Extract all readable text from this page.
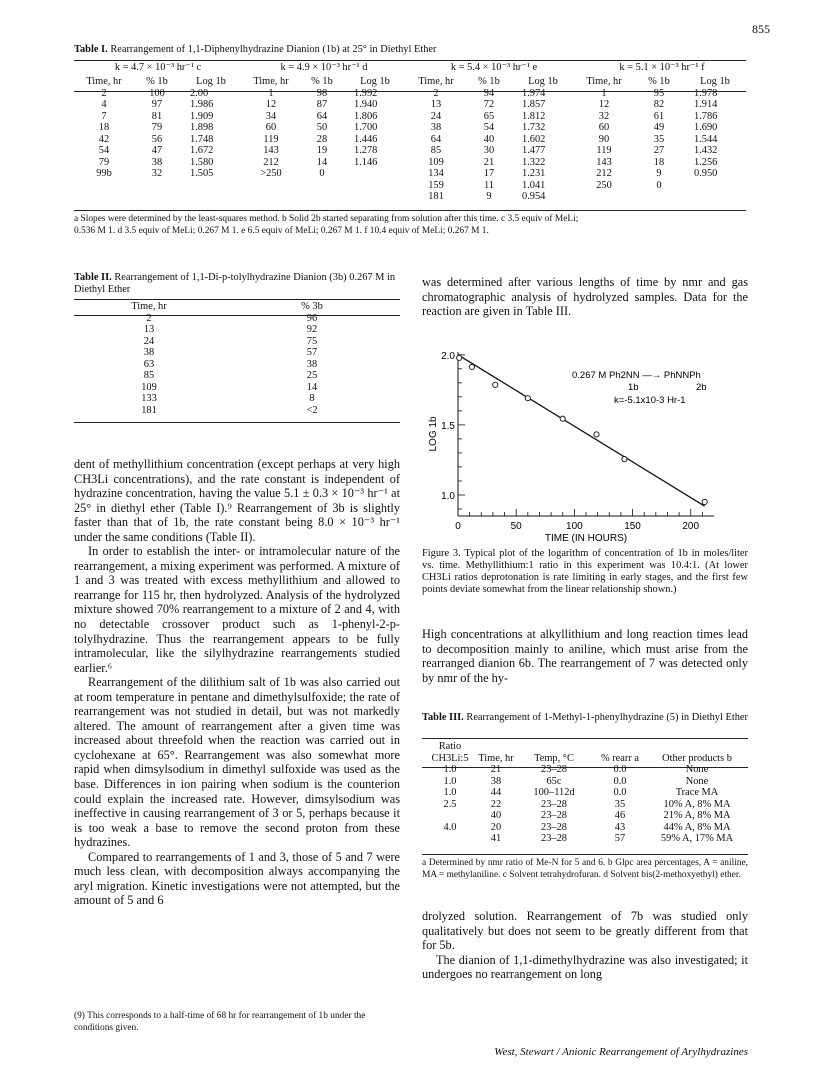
855
Table I. Rearrangement of 1,1-Diphenylhydrazine Dianion (1b) at 25° in Diethyl Ether
k = 4.7 × 10⁻³ hr⁻¹ c	k = 4.9 × 10⁻³ hr⁻¹ d	k = 5.4 × 10⁻³ hr⁻¹ e	k = 5.1 × 10⁻³ hr⁻¹ f
Time, hr	% 1b	Log 1b	Time, hr	% 1b	Log 1b	Time, hr	% 1b	Log 1b	Time, hr	% 1b	Log 1b
2	100	2.00	1	98	1.992	2	94	1.974	1	95	1.978
4	97	1.986	12	87	1.940	13	72	1.857	12	82	1.914
7	81	1.909	34	64	1.806	24	65	1.812	32	61	1.786
18	79	1.898	60	50	1.700	38	54	1.732	60	49	1.690
42	56	1.748	119	28	1.446	64	40	1.602	90	35	1.544
54	47	1.672	143	19	1.278	85	30	1.477	119	27	1.432
79	38	1.580	212	14	1.146	109	21	1.322	143	18	1.256
99b	32	1.505	>250	0		134	17	1.231	212	9	0.950
						159	11	1.041	250	0	
						181	9	0.954			
a Slopes were determined by the least-squares method. b Solid 2b started separating from solution after this time. c 3.5 equiv of MeLi;
0.536 M 1. d 3.5 equiv of MeLi; 0.267 M 1. e 6.5 equiv of MeLi; 0.267 M 1. f 10.4 equiv of MeLi; 0.267 M 1.
Table II. Rearrangement of 1,1-Di-p-tolylhydrazine Dianion (3b) 0.267 M in Diethyl Ether
Time, hr	% 3b
2	96
13	92
24	75
38	57
63	38
85	25
109	14
133	8
181	<2

dent of methyllithium concentration (except perhaps at very high CH3Li concentrations), and the rate constant is independent of hydrazine concentration, having the value 5.1 ± 0.3 × 10⁻³ hr⁻¹ at 25° in diethyl ether (Table I).⁹ Rearrangement of 3b is slightly faster than that of 1b, the rate constant being 8.0 × 10⁻³ hr⁻¹ under the same conditions (Table II).

In order to establish the inter- or intramolecular nature of the rearrangement, a mixing experiment was performed. A mixture of 1 and 3 was treated with excess methyllithium and allowed to rearrange for 115 hr, then hydrolyzed. Analysis of the hydrolyzed mixture showed 70% rearrangement to a mixture of 2 and 4, with no detectable crossover product such as 1-phenyl-2-p-tolylhydrazine. Thus the rearrangement appears to be fully intramolecular, like the silylhydrazine rearrangements studied earlier.⁶

Rearrangement of the dilithium salt of 1b was also carried out at room temperature in pentane and dimethylsulfoxide; the rate of rearrangement was not studied in detail, but was not markedly altered. The amount of rearrangement after a given time was increased about threefold when the reaction was carried out in cyclohexane at 65°. Rearrangement was also somewhat more rapid when dimsylsodium in dimethyl sulfoxide was used as the base. Differences in ion pairing when sodium is the counterion could explain the increased rate. However, dimsylsodium was ineffective in causing rearrangement of 3 or 5, perhaps because it is too weak a base to remove the second proton from these hydrazines.

Compared to rearrangements of 1 and 3, those of 5 and 7 were much less clean, with decomposition always accompanying the aryl migration. Kinetic investigations were not attempted, but the amount of 5 and 6

(9) This corresponds to a half-time of 68 hr for rearrangement of 1b under the conditions given.
was determined after various lengths of time by nmr and gas chromatographic analysis of hydrolyzed samples. Data for the reaction are given in Table III.
0	50	100	150	200
2.0
1.5
1.0
TIME (IN HOURS)
LOG 1b
0.267 M Ph2NN —→ PhNNPh
1b	2b
k=-5.1x10-3 Hr-1
Figure 3. Typical plot of the logarithm of concentration of 1b in moles/liter vs. time. Methyllithium:1 ratio in this experiment was 10.4:1. (At lower CH3Li ratios deprotonation is rate limiting in early stages, and the first few points deviate somewhat from the linear relationship shown.)
High concentrations at alkyllithium and long reaction times lead to decomposition mainly to aniline, which must arise from the rearranged dianion 6b. The rearrangement of 7 was detected only by nmr of the hy-
Table III. Rearrangement of 1-Methyl-1-phenylhydrazine (5) in Diethyl Ether
Ratio CH3Li:5	Time, hr	Temp, °C	% rearr a	Other products b
1.0	21	23–28	0.0	None
1.0	38	65c	0.0	None
1.0	44	100–112d	0.0	Trace MA
2.5	22	23–28	35	10% A, 8% MA
	40	23–28	46	21% A, 8% MA
4.0	20	23–28	43	44% A, 8% MA
	41	23–28	57	59% A, 17% MA
a Determined by nmr ratio of Me-N for 5 and 6. b Glpc area percentages, A = aniline, MA = methylaniline. c Solvent tetrahydrofuran. d Solvent bis(2-methoxyethyl) ether.

drolyzed solution. Rearrangement of 7b was studied only qualitatively but does not seem to be greatly different from that for 5b.

The dianion of 1,1-dimethylhydrazine was also investigated; it undergoes no rearrangement on long

West, Stewart / Anionic Rearrangement of Arylhydrazines
